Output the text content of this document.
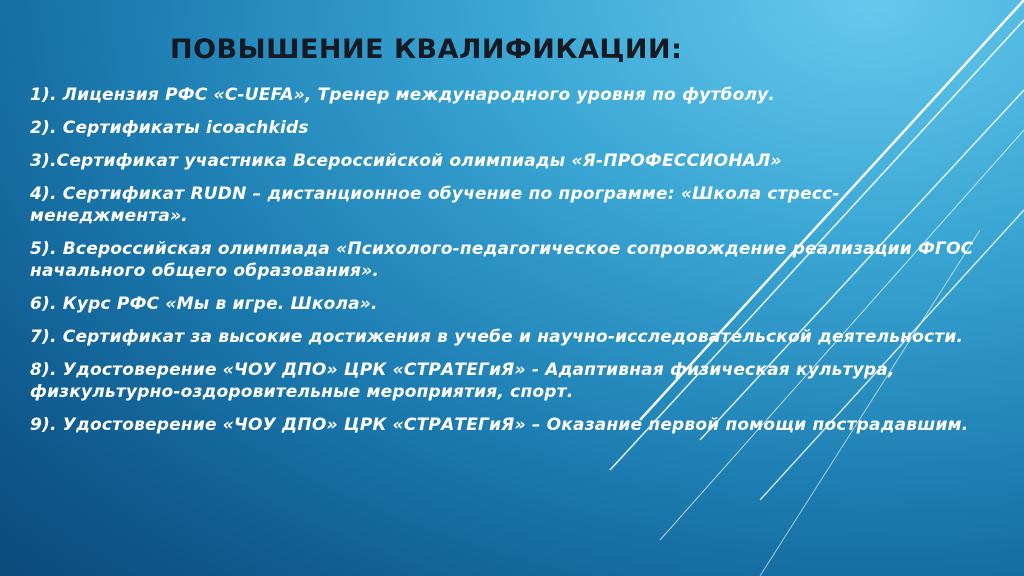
ПОВЫШЕНИЕ КВАЛИФИКАЦИИ:
1). Лицензия РФС «C-UEFA», Тренер международного уровня по футболу.
2). Сертификаты icoachkids
3).Сертификат участника Всероссийской олимпиады «Я-ПРОФЕССИОНАЛ»
4). Сертификат RUDN – дистанционное обучение по программе: «Школа стресс-менеджмента».
5). Всероссийская олимпиада «Психолого-педагогическое сопровождение реализации ФГОС начального общего образования».
6). Курс РФС «Мы в игре. Школа».
7). Сертификат за высокие достижения в учебе и научно-исследовательской деятельности.
8). Удостоверение «ЧОУ ДПО» ЦРК «СТРАТЕГиЯ» - Адаптивная физическая культура, физкультурно-оздоровительные мероприятия, спорт.
9). Удостоверение «ЧОУ ДПО» ЦРК «СТРАТЕГиЯ» – Оказание первой помощи пострадавшим.
